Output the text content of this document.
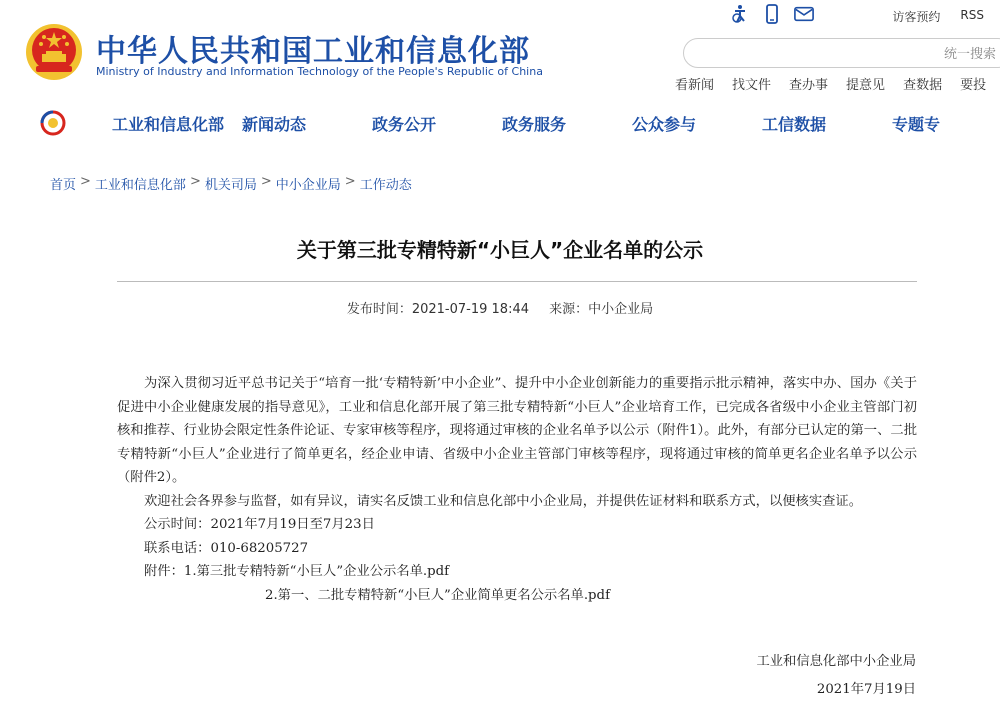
中华人民共和国工业和信息化部
Ministry of Industry and Information Technology of the People's Republic of China
访客预约 RSS
统一搜索
看新闻 找文件 查办事 提意见 查数据 要投
工业和信息化部	新闻动态	政务公开	政务服务	公众参与	工信数据	专题专
首页 > 工业和信息化部 > 机关司局 > 中小企业局 > 工作动态
关于第三批专精特新“小巨人”企业名单的公示
发布时间：2021-07-19 18:44 来源：中小企业局

为深入贯彻习近平总书记关于“培育一批‘专精特新’中小企业”、提升中小企业创新能力的重要指示批示精神，落实中办、国办《关于促进中小企业健康发展的指导意见》，工业和信息化部开展了第三批专精特新“小巨人”企业培育工作，已完成各省级中小企业主管部门初核和推荐、行业协会限定性条件论证、专家审核等程序，现将通过审核的企业名单予以公示（附件1）。此外，有部分已认定的第一、二批专精特新“小巨人”企业进行了简单更名，经企业申请、省级中小企业主管部门审核等程序，现将通过审核的简单更名企业名单予以公示（附件2）。

欢迎社会各界参与监督，如有异议，请实名反馈工业和信息化部中小企业局，并提供佐证材料和联系方式，以便核实查证。

公示时间：2021年7月19日至7月23日

联系电话：010-68205727

附件：1.第三批专精特新“小巨人”企业公示名单.pdf

2.第一、二批专精特新“小巨人”企业简单更名公示名单.pdf

工业和信息化部中小企业局
2021年7月19日
